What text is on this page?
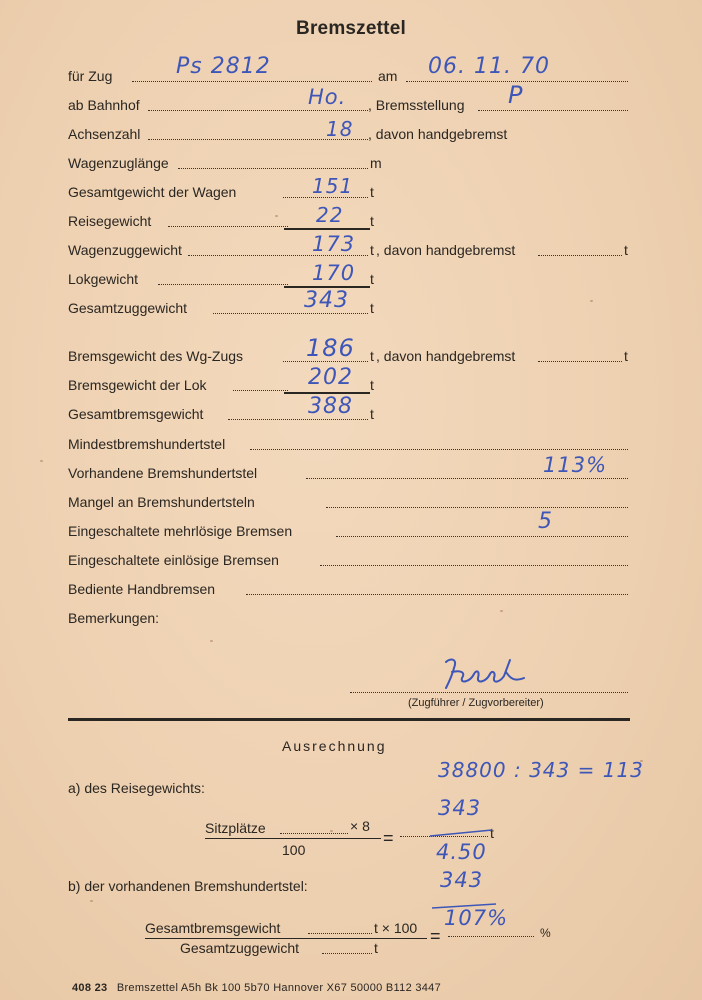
Bremszettel
für Zug	Ps 2812	am 06. 11. 70
ab Bahnhof	Ho. , Bremsstellung P
Achsenzahl	18 , davon handgebremst
Wagenzuglänge	m
Gesamtgewicht der Wagen	151 t
Reisegewicht	22 t
Wagenzuggewicht	173 t , davon handgebremst	t
Lokgewicht	170 t
Gesamtzuggewicht	343 t
Bremsgewicht des Wg-Zugs	186 t , davon handgebremst	t
Bremsgewicht der Lok	202 t
Gesamtbremsgewicht	388 t
Mindestbremshundertstel
Vorhandene Bremshundertstel	113%
Mangel an Bremshundertsteln
Eingeschaltete mehrlösige Bremsen	5
Eingeschaltete einlösige Bremsen
Bediente Handbremsen
Bemerkungen:
(Zugführer / Zugvorbereiter)
Ausrechnung
38800 : 343 = 113
a) des Reisegewichts:
343
Sitzplätze	× 8
100
=	t
4.50
b) der vorhandenen Bremshundertstel:	343
Gesamtbremsgewicht	t × 100
Gesamtzuggewicht	t
=
107%
%
408 23 Bremszettel A5h Bk 100 5b70 Hannover X67 50000 B112 3447
